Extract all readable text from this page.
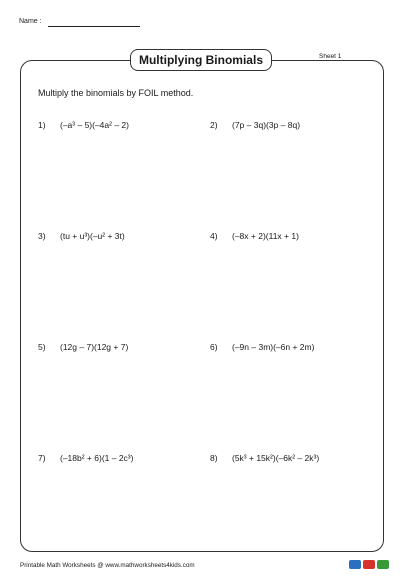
Name :
Multiplying Binomials	Sheet 1
Multiply the binomials by FOIL method.
1) (–a³ – 5)(–4a² – 2)	2) (7p – 3q)(3p – 8q)
3) (tu + u³)(–u² + 3t)	4) (–8x + 2)(11x + 1)
5) (12g – 7)(12g + 7)	6) (–9n – 3m)(–6n + 2m)
7) (–18b² + 6)(1 – 2c³)	8) (5k³ + 15k²)(–6k² – 2k³)
Printable Math Worksheets @ www.mathworksheets4kids.com
